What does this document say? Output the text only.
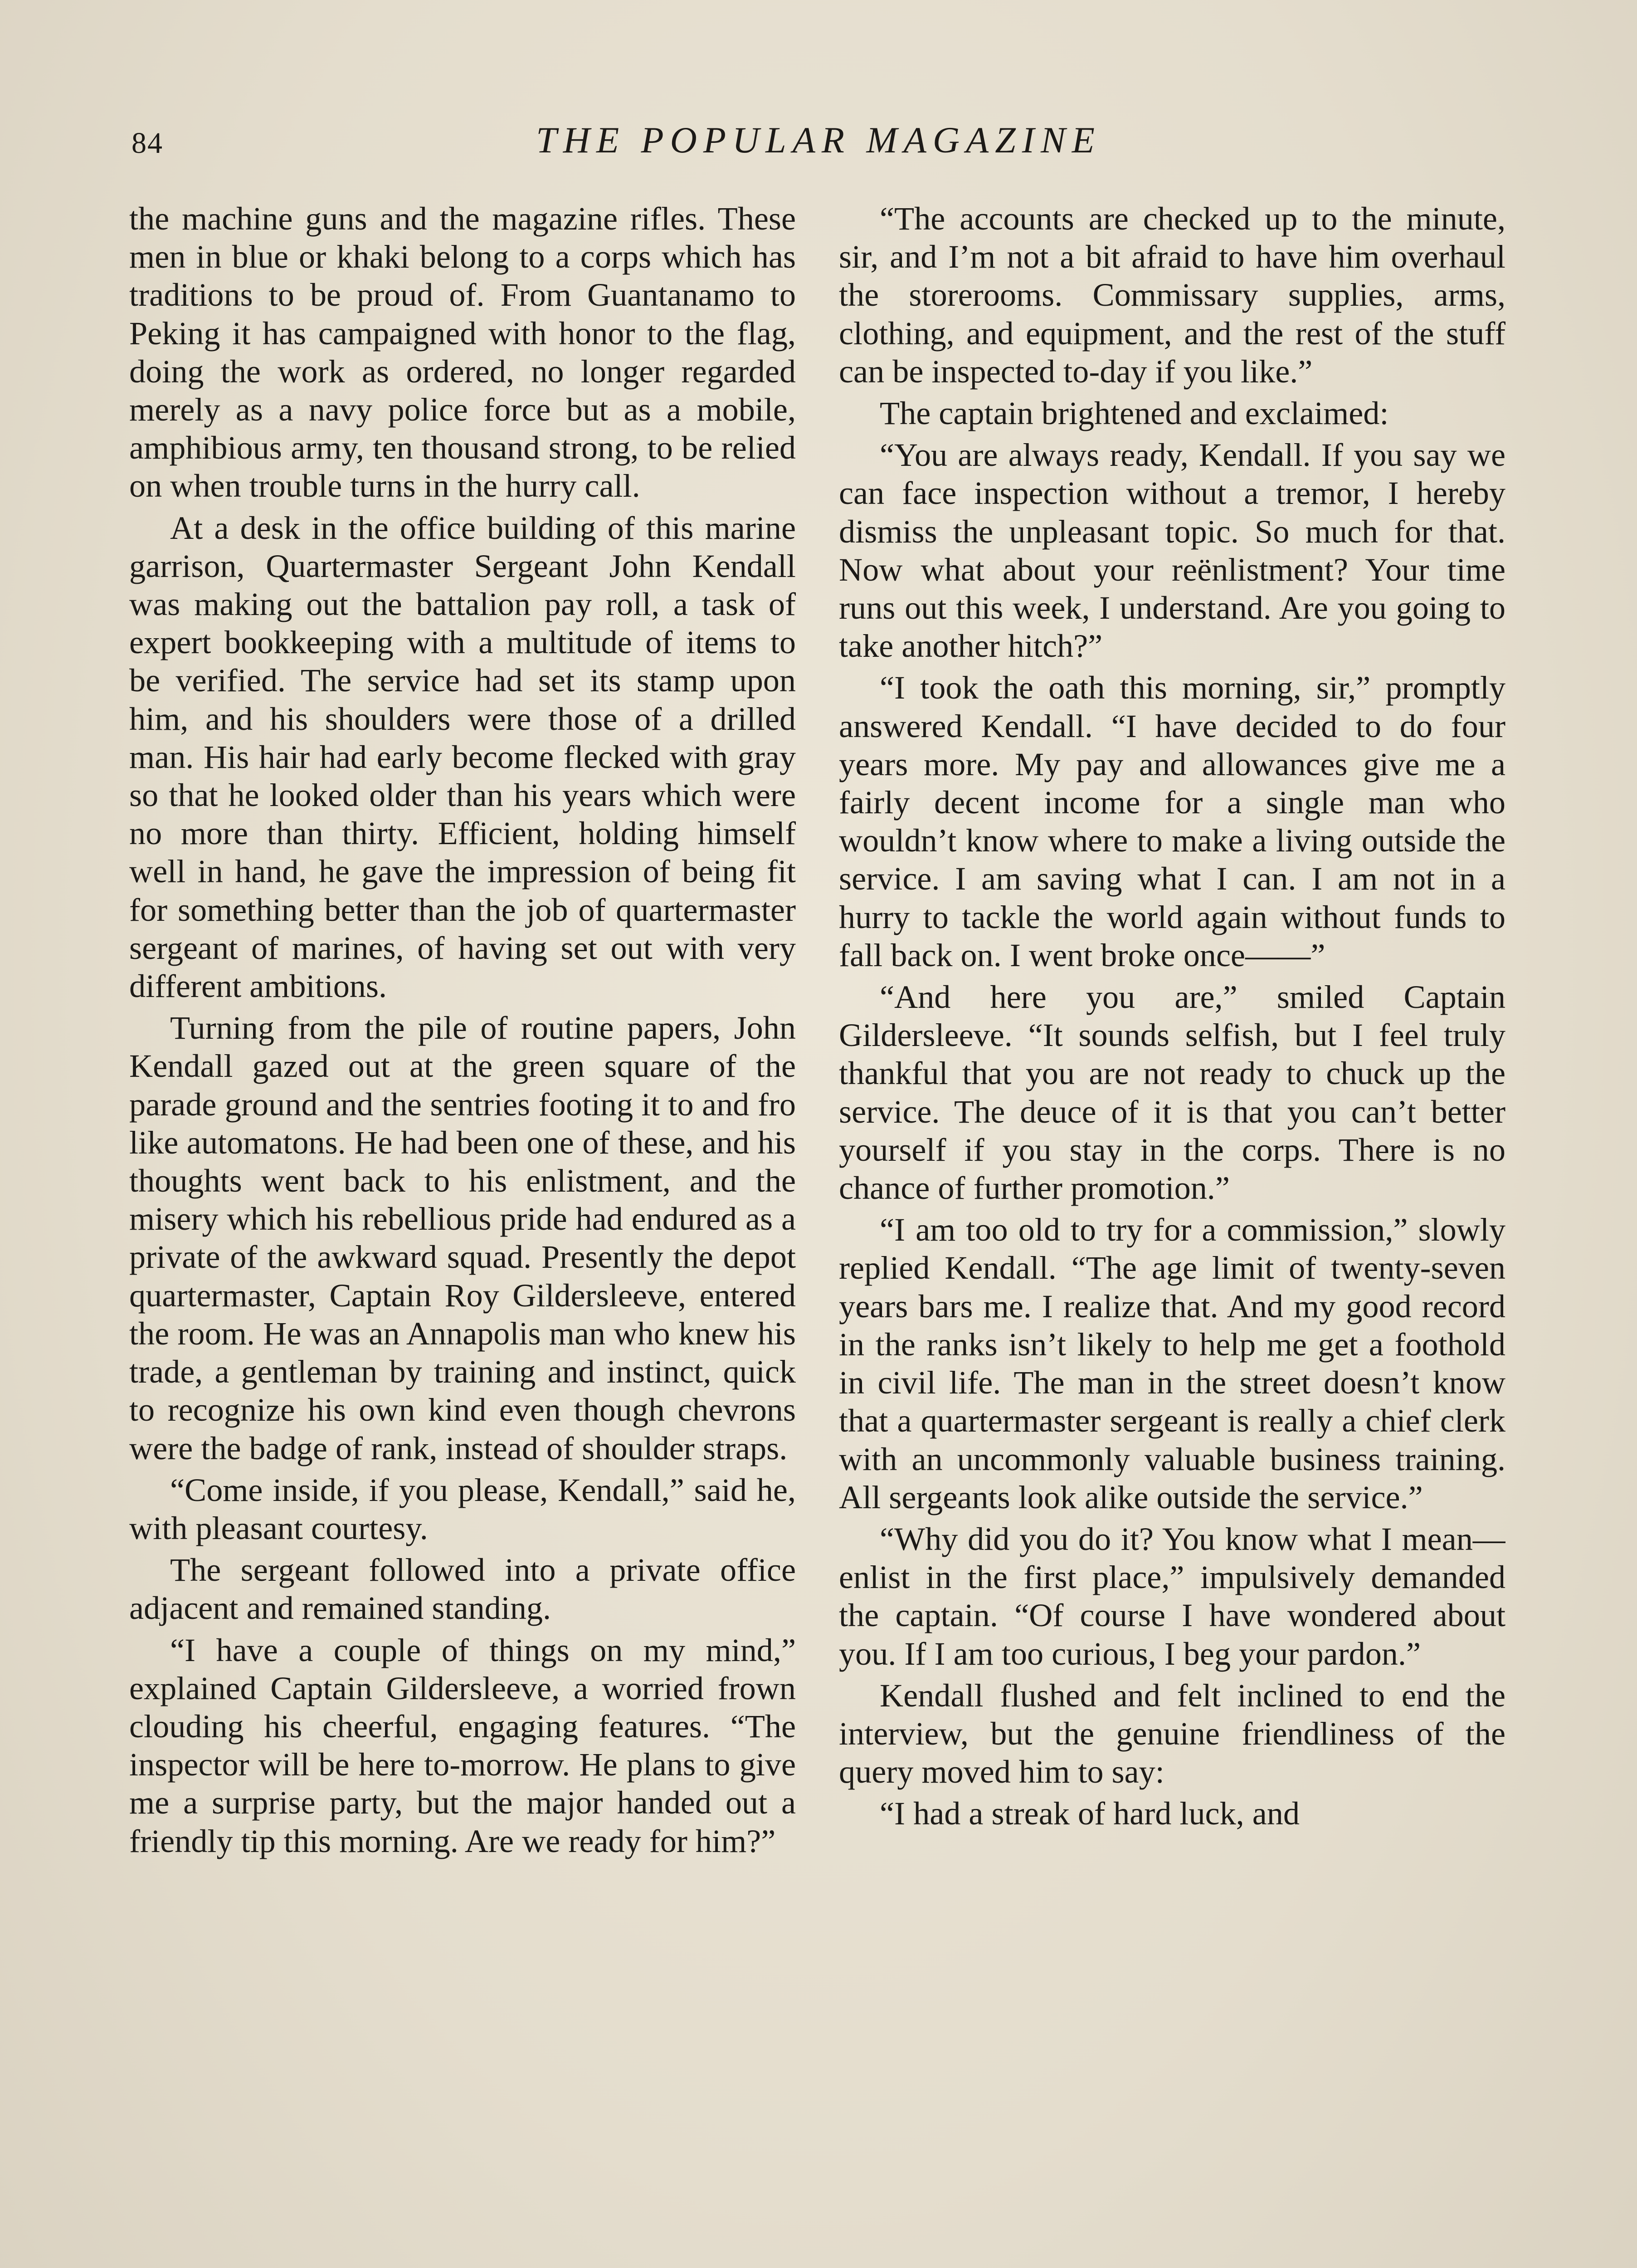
84	THE POPULAR MAGAZINE

the machine guns and the magazine rifles. These men in blue or khaki belong to a corps which has traditions to be proud of. From Guantanamo to Peking it has campaigned with honor to the flag, doing the work as ordered, no longer regarded merely as a navy police force but as a mobile, amphibious army, ten thousand strong, to be relied on when trouble turns in the hurry call.

At a desk in the office building of this marine garrison, Quartermaster Sergeant John Kendall was making out the battalion pay roll, a task of expert bookkeeping with a multitude of items to be verified. The service had set its stamp upon him, and his shoulders were those of a drilled man. His hair had early become flecked with gray so that he looked older than his years which were no more than thirty. Efficient, holding himself well in hand, he gave the impression of being fit for something better than the job of quartermaster sergeant of marines, of having set out with very different ambitions.

Turning from the pile of routine papers, John Kendall gazed out at the green square of the parade ground and the sentries footing it to and fro like automatons. He had been one of these, and his thoughts went back to his enlistment, and the misery which his rebellious pride had endured as a private of the awkward squad. Presently the depot quartermaster, Captain Roy Gildersleeve, entered the room. He was an Annapolis man who knew his trade, a gentleman by training and instinct, quick to recognize his own kind even though chevrons were the badge of rank, instead of shoulder straps.

“Come inside, if you please, Kendall,” said he, with pleasant courtesy.

The sergeant followed into a private office adjacent and remained standing.

“I have a couple of things on my mind,” explained Captain Gildersleeve, a worried frown clouding his cheerful, engaging features. “The inspector will be here to-morrow. He plans to give me a surprise party, but the major handed out a friendly tip this morning. Are we ready for him?”

“The accounts are checked up to the minute, sir, and I’m not a bit afraid to have him overhaul the storerooms. Commissary supplies, arms, clothing, and equipment, and the rest of the stuff can be inspected to-day if you like.”

The captain brightened and exclaimed:

“You are always ready, Kendall. If you say we can face inspection without a tremor, I hereby dismiss the unpleasant topic. So much for that. Now what about your reënlistment? Your time runs out this week, I understand. Are you going to take another hitch?”

“I took the oath this morning, sir,” promptly answered Kendall. “I have decided to do four years more. My pay and allowances give me a fairly decent income for a single man who wouldn’t know where to make a living outside the service. I am saving what I can. I am not in a hurry to tackle the world again without funds to fall back on. I went broke once——”

“And here you are,” smiled Captain Gildersleeve. “It sounds selfish, but I feel truly thankful that you are not ready to chuck up the service. The deuce of it is that you can’t better yourself if you stay in the corps. There is no chance of further promotion.”

“I am too old to try for a commission,” slowly replied Kendall. “The age limit of twenty-seven years bars me. I realize that. And my good record in the ranks isn’t likely to help me get a foothold in civil life. The man in the street doesn’t know that a quartermaster sergeant is really a chief clerk with an uncommonly valuable business training. All sergeants look alike outside the service.”

“Why did you do it? You know what I mean—enlist in the first place,” impulsively demanded the captain. “Of course I have wondered about you. If I am too curious, I beg your pardon.”

Kendall flushed and felt inclined to end the interview, but the genuine friendliness of the query moved him to say:

“I had a streak of hard luck, and
